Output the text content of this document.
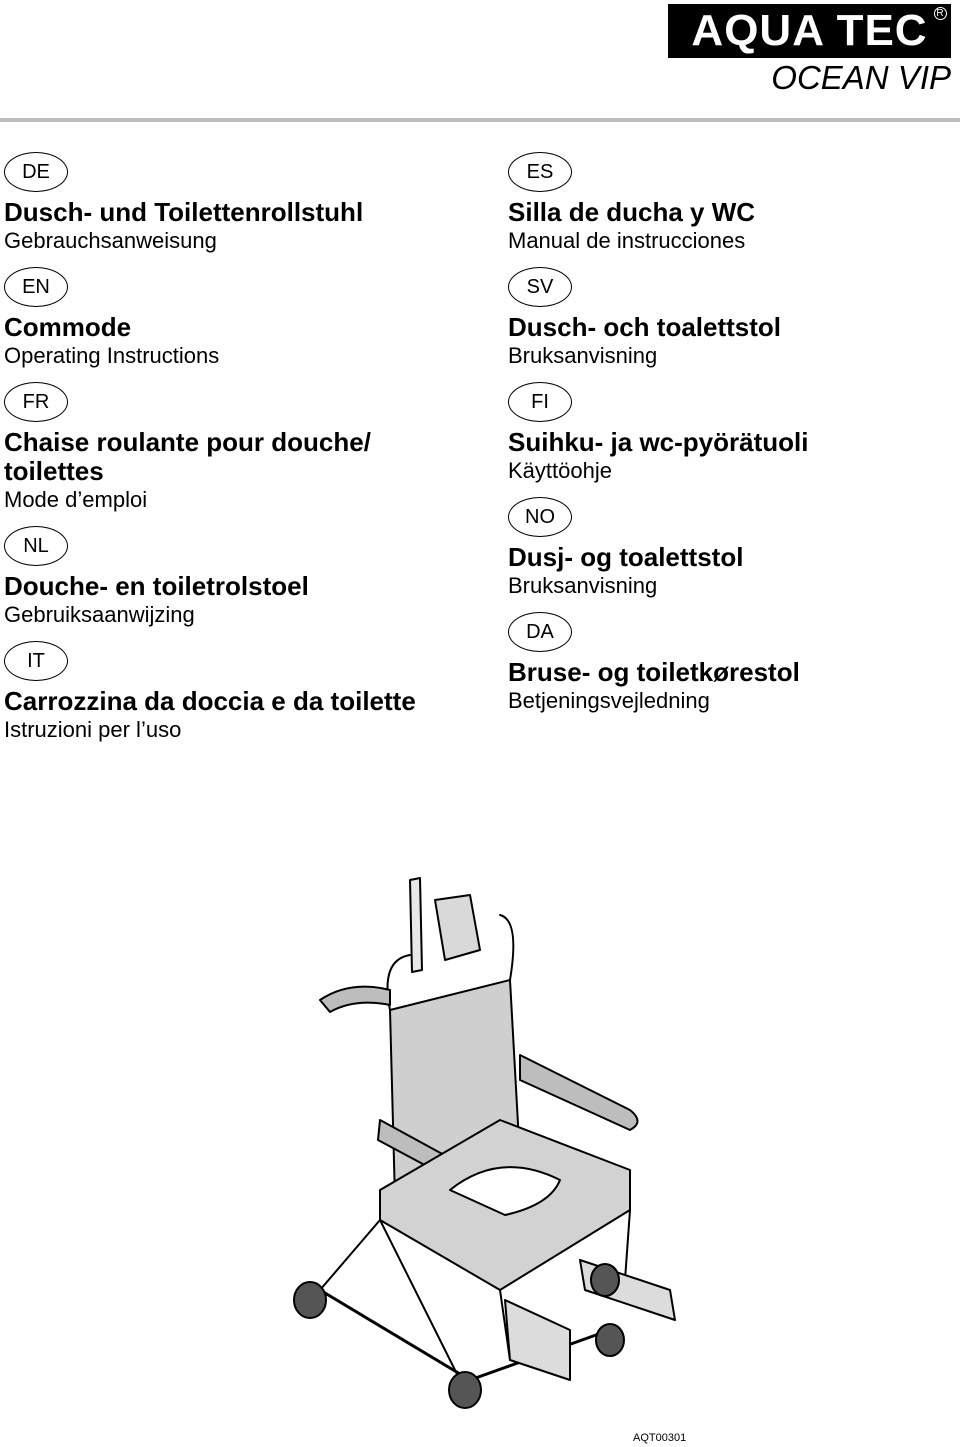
AQUA TEC R
OCEAN VIP
DE
Dusch- und Toilettenrollstuhl
Gebrauchsanweisung
EN
Commode
Operating Instructions
FR
Chaise roulante pour douche/ toilettes
Mode d’emploi
NL
Douche- en toiletrolstoel
Gebruiksaanwijzing
IT
Carrozzina da doccia e da toilette
Istruzioni per l’uso
ES
Silla de ducha y WC
Manual de instrucciones
SV
Dusch- och toalettstol
Bruksanvisning
FI
Suihku- ja wc-pyörätuoli
Käyttöohje
NO
Dusj- og toalettstol
Bruksanvisning
DA
Bruse- og toiletkørestol
Betjeningsvejledning
AQT00301
